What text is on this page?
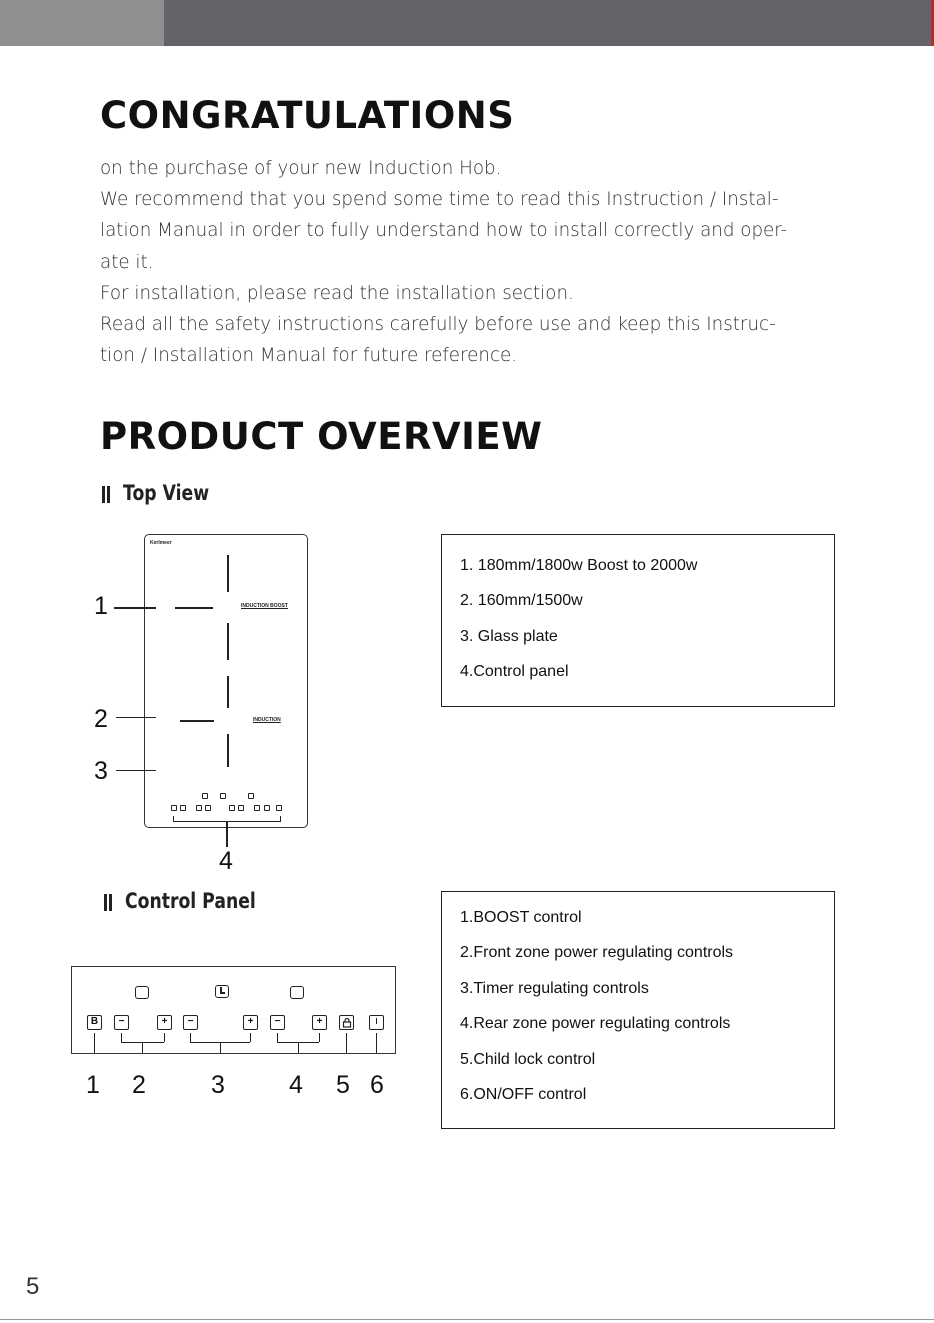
CONGRATULATIONS

on the purchase of your new Induction Hob.

We recommend that you spend some time to read this Instruction / Instal-lation Manual in order to fully understand how to install correctly and oper-ate it.

For installation, please read the installation section.

Read all the safety instructions carefully before use and keep this Instruc-tion / Installation Manual for future reference.

PRODUCT OVERVIEW
Top View
Kerlmeer
INDUCTION BOOST
INDUCTION
1
2
3
4
1. 180mm/1800w Boost to 2000w
2. 160mm/1500w
3. Glass plate
4.Control panel
Control Panel
B	−	+	−	+	−	+
1 2	3	4 5 6
1.BOOST control
2.Front zone power regulating controls
3.Timer regulating controls
4.Rear zone power regulating controls
5.Child lock control
6.ON/OFF control
5
